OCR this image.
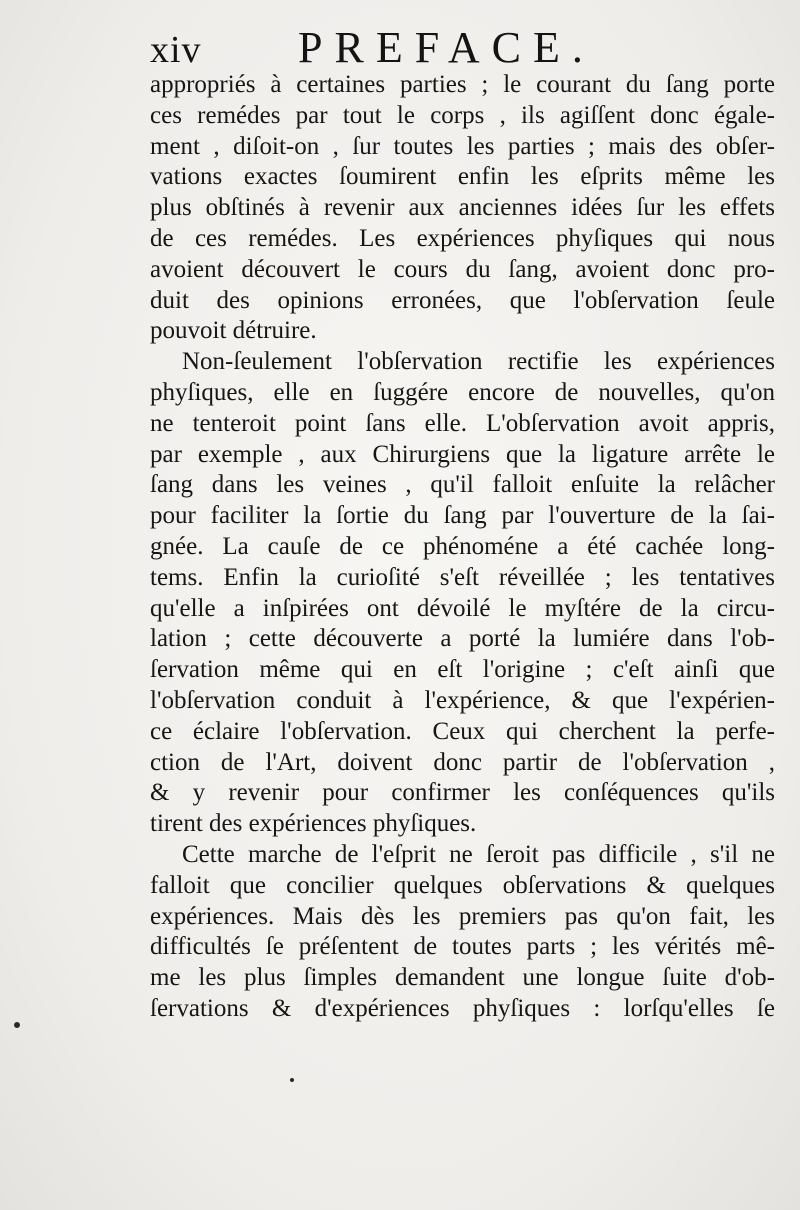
xiv PREFACE.
appropriés à certaines parties ; le courant du ſang porte
ces remédes par tout le corps , ils agiſſent donc égale-
ment , diſoit-on , ſur toutes les parties ; mais des obſer-
vations exactes ſoumirent enfin les eſprits même les
plus obſtinés à revenir aux anciennes idées ſur les effets
de ces remédes. Les expériences phyſiques qui nous
avoient découvert le cours du ſang, avoient donc pro-
duit des opinions erronées, que l'obſervation ſeule
pouvoit détruire.
Non-ſeulement l'obſervation rectifie les expériences
phyſiques, elle en ſuggére encore de nouvelles, qu'on
ne tenteroit point ſans elle. L'obſervation avoit appris,
par exemple , aux Chirurgiens que la ligature arrête le
ſang dans les veines , qu'il falloit enſuite la relâcher
pour faciliter la ſortie du ſang par l'ouverture de la ſai-
gnée. La cauſe de ce phénoméne a été cachée long-
tems. Enfin la curioſité s'eſt réveillée ; les tentatives
qu'elle a inſpirées ont dévoilé le myſtére de la circu-
lation ; cette découverte a porté la lumiére dans l'ob-
ſervation même qui en eſt l'origine ; c'eſt ainſi que
l'obſervation conduit à l'expérience, & que l'expérien-
ce éclaire l'obſervation. Ceux qui cherchent la perfe-
ction de l'Art, doivent donc partir de l'obſervation ,
& y revenir pour confirmer les conſéquences qu'ils
tirent des expériences phyſiques.
Cette marche de l'eſprit ne ſeroit pas difficile , s'il ne
falloit que concilier quelques obſervations & quelques
expériences. Mais dès les premiers pas qu'on fait, les
difficultés ſe préſentent de toutes parts ; les vérités mê-
me les plus ſimples demandent une longue ſuite d'ob-
ſervations & d'expériences phyſiques : lorſqu'elles ſe
